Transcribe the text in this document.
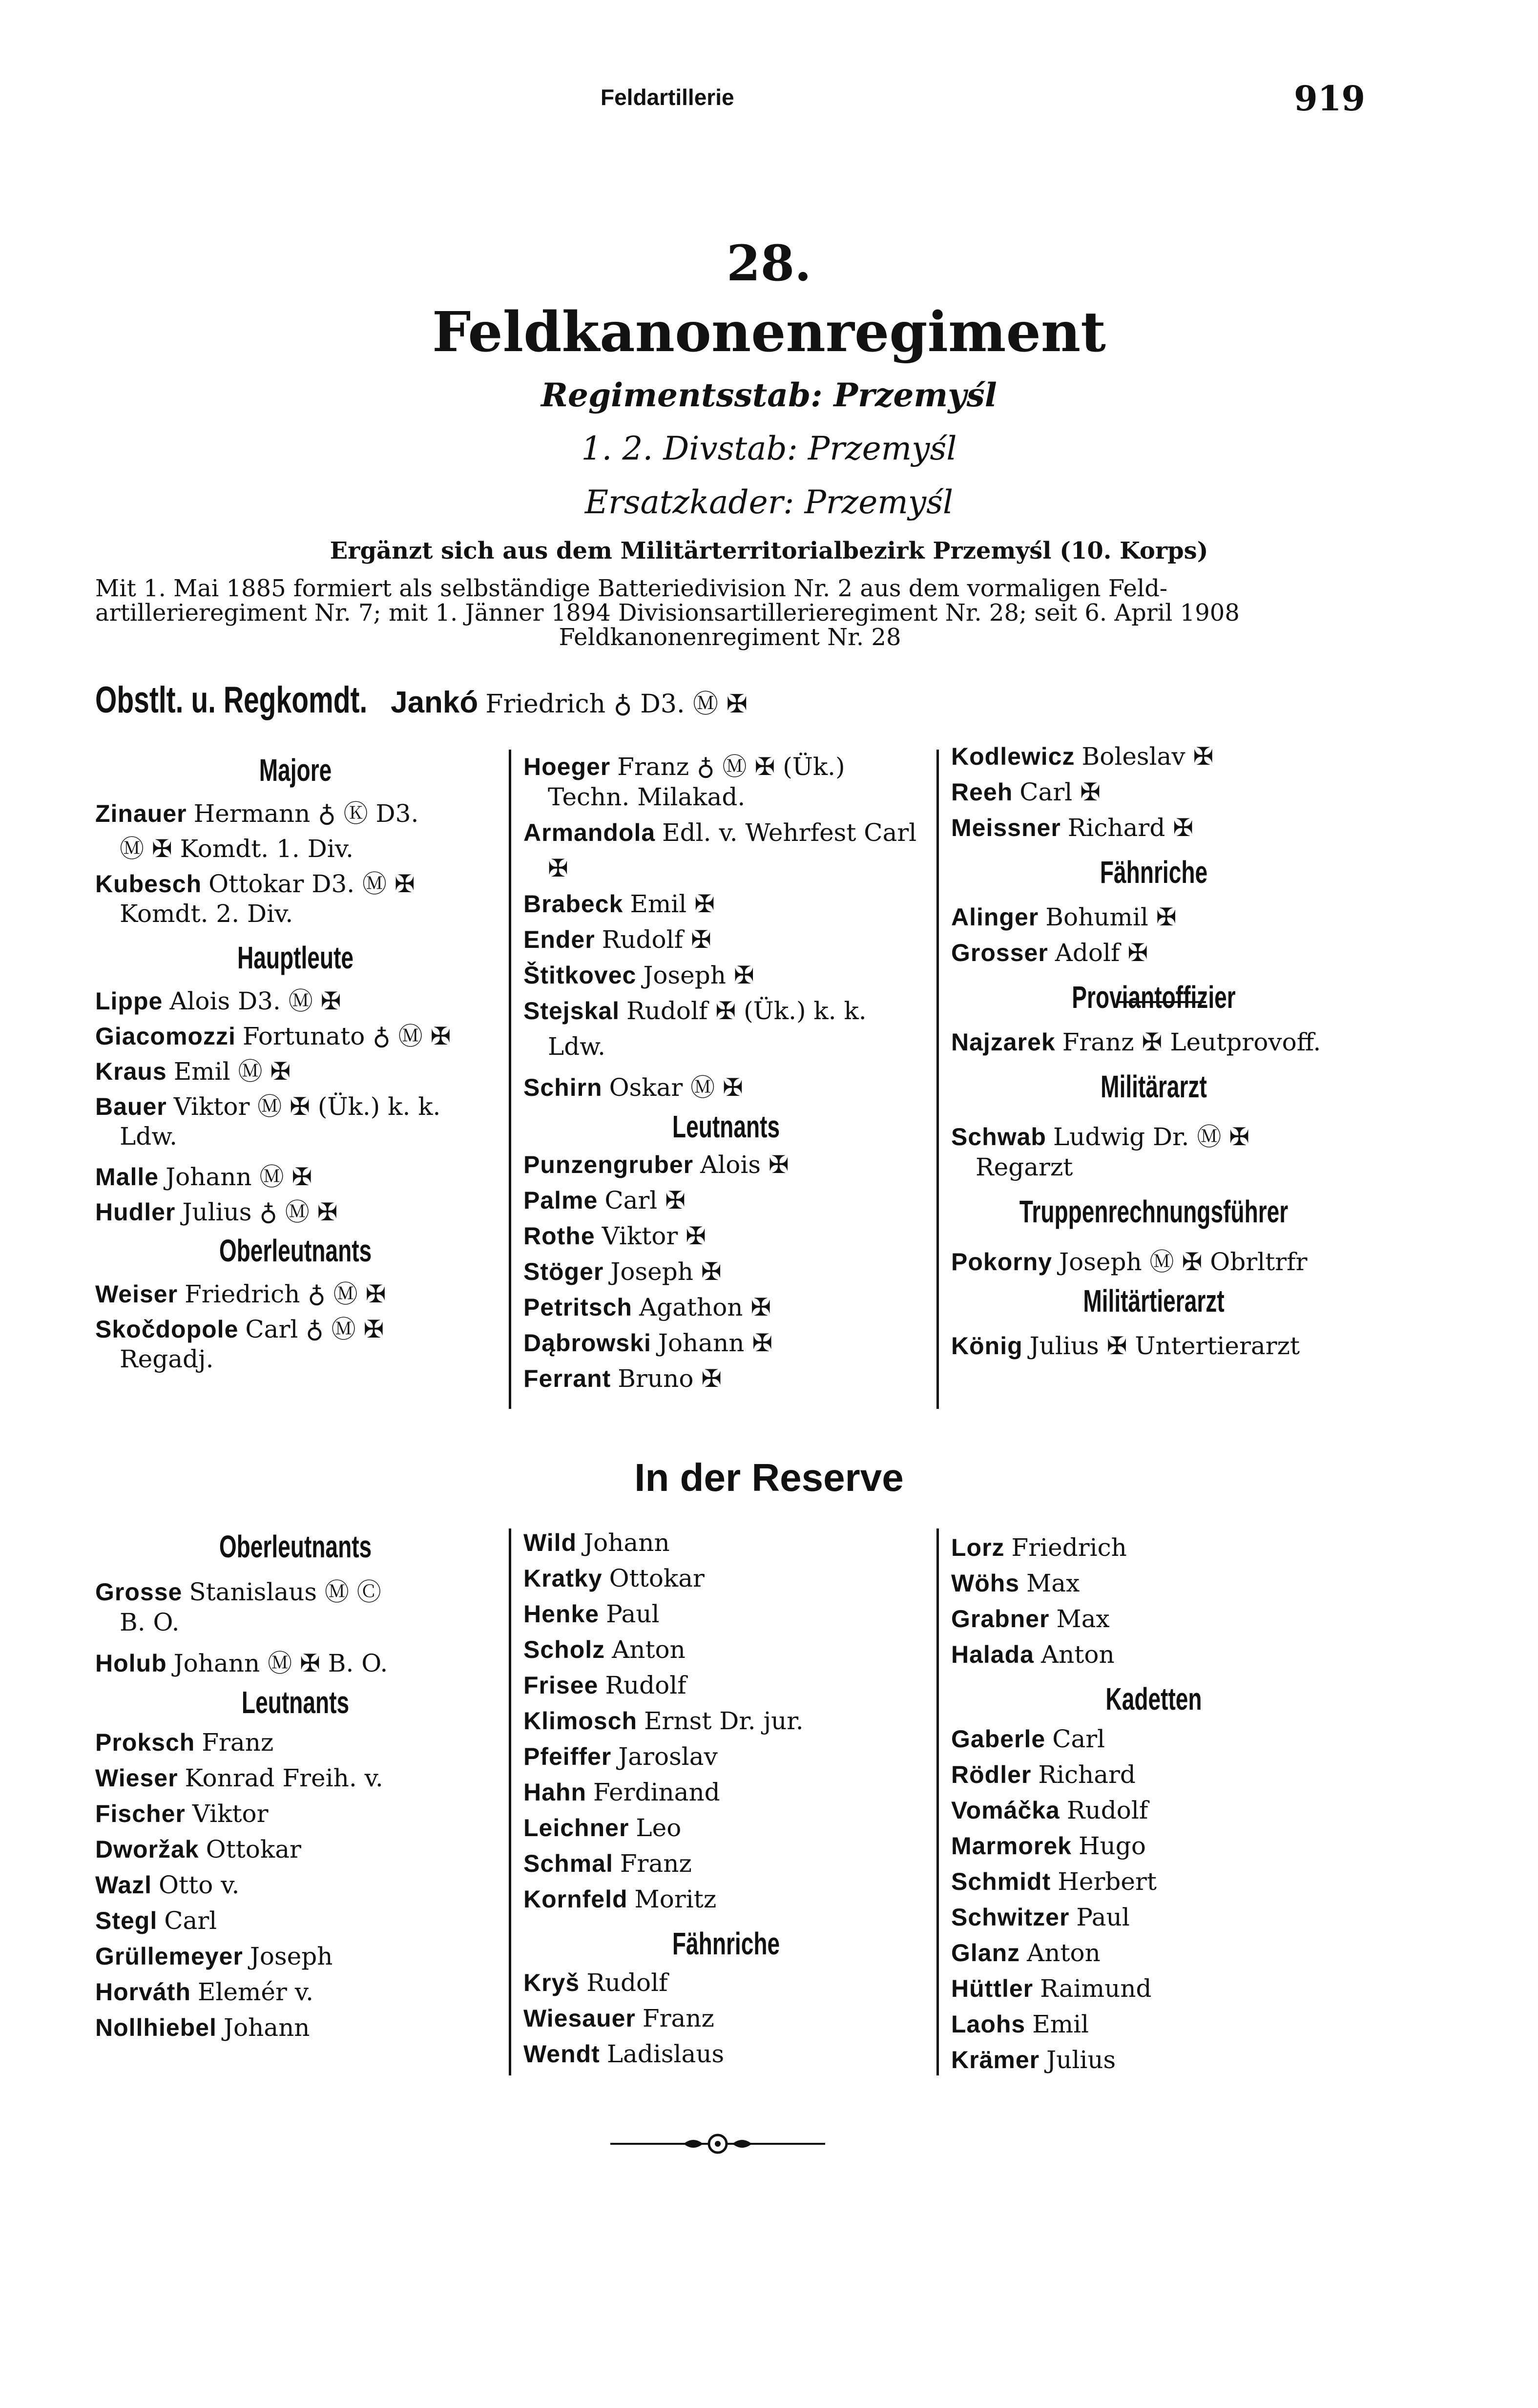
Feldartillerie	919
28.
Feldkanonenregiment
Regimentsstab: Przemyśl
1. 2. Divstab: Przemyśl
Ersatzkader: Przemyśl
Ergänzt sich aus dem Militärterritorialbezirk Przemyśl (10. Korps)
Mit 1. Mai 1885 formiert als selbständige Batteriedivision Nr. 2 aus dem vormaligen Feld-
artillerieregiment Nr. 7; mit 1. Jänner 1894 Divisionsartillerieregiment Nr. 28; seit 6. April 1908
Feldkanonenregiment Nr. 28
Obstlt. u. Regkomdt. Jankó Friedrich ♁ D3. Ⓜ ✠
Majore
Zinauer Hermann ♁ Ⓚ D3.
Ⓜ ✠ Komdt. 1. Div.
Kubesch Ottokar D3. Ⓜ ✠
Komdt. 2. Div.
Hauptleute
Lippe Alois D3. Ⓜ ✠
Giacomozzi Fortunato ♁ Ⓜ ✠
Kraus Emil Ⓜ ✠
Bauer Viktor Ⓜ ✠ (Ük.) k. k.
Ldw.
Malle Johann Ⓜ ✠
Hudler Julius ♁ Ⓜ ✠
Oberleutnants
Weiser Friedrich ♁ Ⓜ ✠
Skočdopole Carl ♁ Ⓜ ✠
Regadj.
Hoeger Franz ♁ Ⓜ ✠ (Ük.)
Techn. Milakad.
Armandola Edl. v. Wehrfest Carl
✠
Brabeck Emil ✠
Ender Rudolf ✠
Štitkovec Joseph ✠
Stejskal Rudolf ✠ (Ük.) k. k.
Ldw.
Schirn Oskar Ⓜ ✠
Leutnants
Punzengruber Alois ✠
Palme Carl ✠
Rothe Viktor ✠
Stöger Joseph ✠
Petritsch Agathon ✠
Dąbrowski Johann ✠
Ferrant Bruno ✠
Kodlewicz Boleslav ✠
Reeh Carl ✠
Meissner Richard ✠
Fähnriche
Alinger Bohumil ✠
Grosser Adolf ✠
Proviantoffizier
Najzarek Franz ✠ Leutprovoff.
Militärarzt
Schwab Ludwig Dr. Ⓜ ✠
Regarzt
Truppenrechnungsführer
Pokorny Joseph Ⓜ ✠ Obrltrfr
Militärtierarzt
König Julius ✠ Untertierarzt
In der Reserve
Oberleutnants
Grosse Stanislaus Ⓜ Ⓒ
B. O.
Holub Johann Ⓜ ✠ B. O.
Leutnants
Proksch Franz
Wieser Konrad Freih. v.
Fischer Viktor
Dworžak Ottokar
Wazl Otto v.
Stegl Carl
Grüllemeyer Joseph
Horváth Elemér v.
Nollhiebel Johann
Wild Johann
Kratky Ottokar
Henke Paul
Scholz Anton
Frisee Rudolf
Klimosch Ernst Dr. jur.
Pfeiffer Jaroslav
Hahn Ferdinand
Leichner Leo
Schmal Franz
Kornfeld Moritz
Fähnriche
Kryš Rudolf
Wiesauer Franz
Wendt Ladislaus
Lorz Friedrich
Wöhs Max
Grabner Max
Halada Anton
Kadetten
Gaberle Carl
Rödler Richard
Vomáčka Rudolf
Marmorek Hugo
Schmidt Herbert
Schwitzer Paul
Glanz Anton
Hüttler Raimund
Laohs Emil
Krämer Julius
